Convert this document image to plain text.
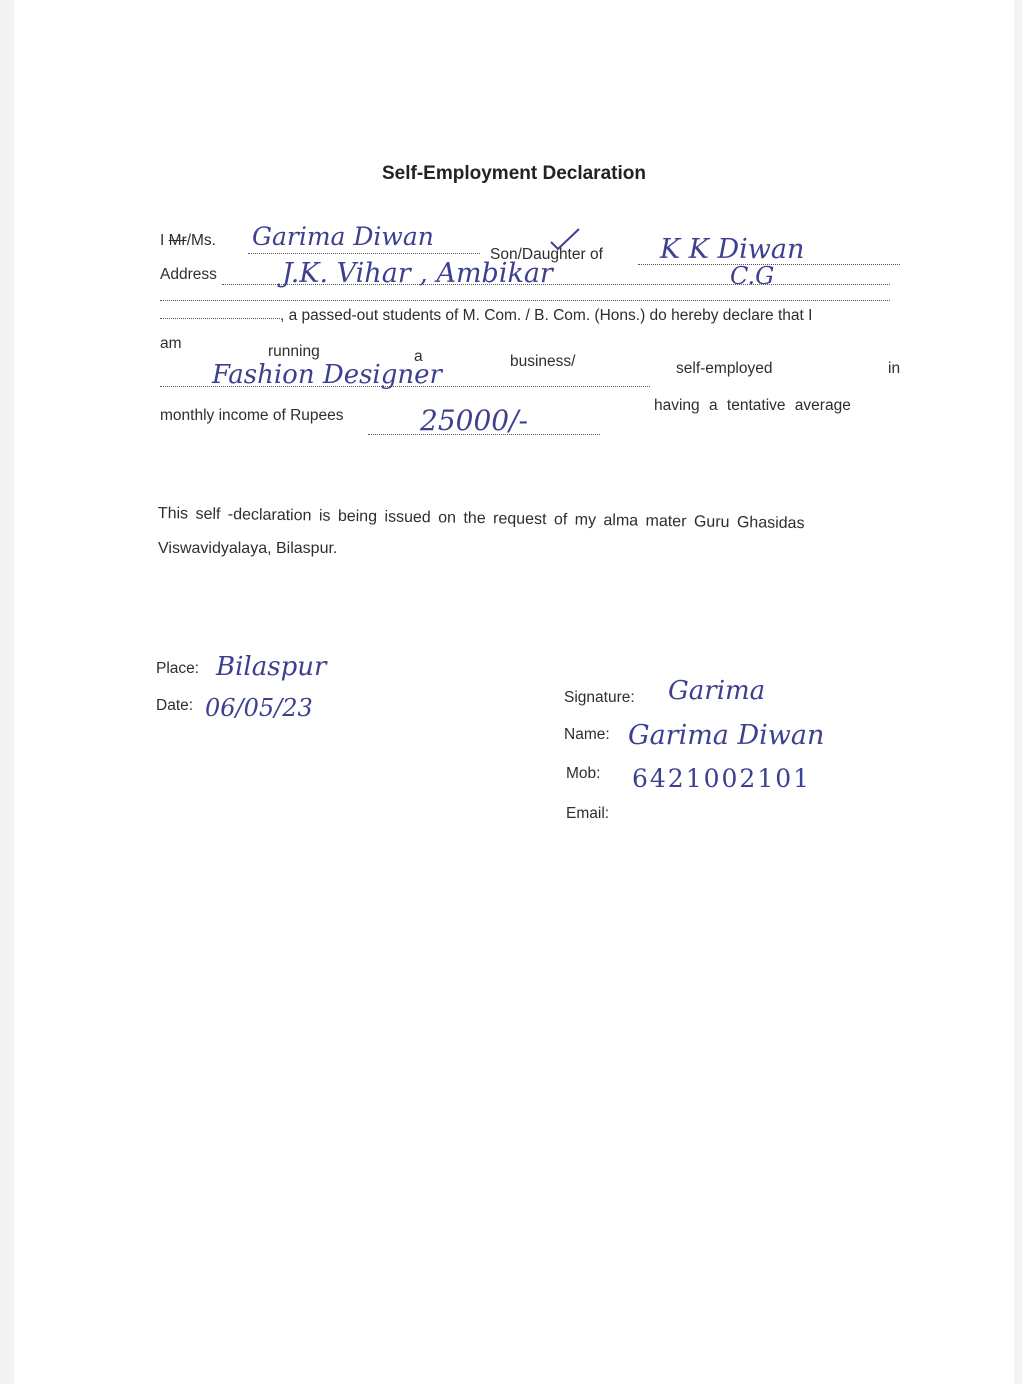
Self-Employment Declaration
I Mr/Ms. Garima Diwan
Son/Daughter of K K Diwan
Address J.K. Vihar , Ambikar	C.G
, a passed-out students of M. Com. / B. Com. (Hons.) do hereby declare that I
am	running	a	business/	self-employed	in
Fashion Designer
having a tentative average
monthly income of Rupees	25000/-
This self -declaration is being issued on the request of my alma mater Guru Ghasidas
Viswavidyalaya, Bilaspur.
Place: Bilaspur
Date: 06/05/23	Signature: Garima
Name: Garima Diwan
Mob: 6421002101
Email:
